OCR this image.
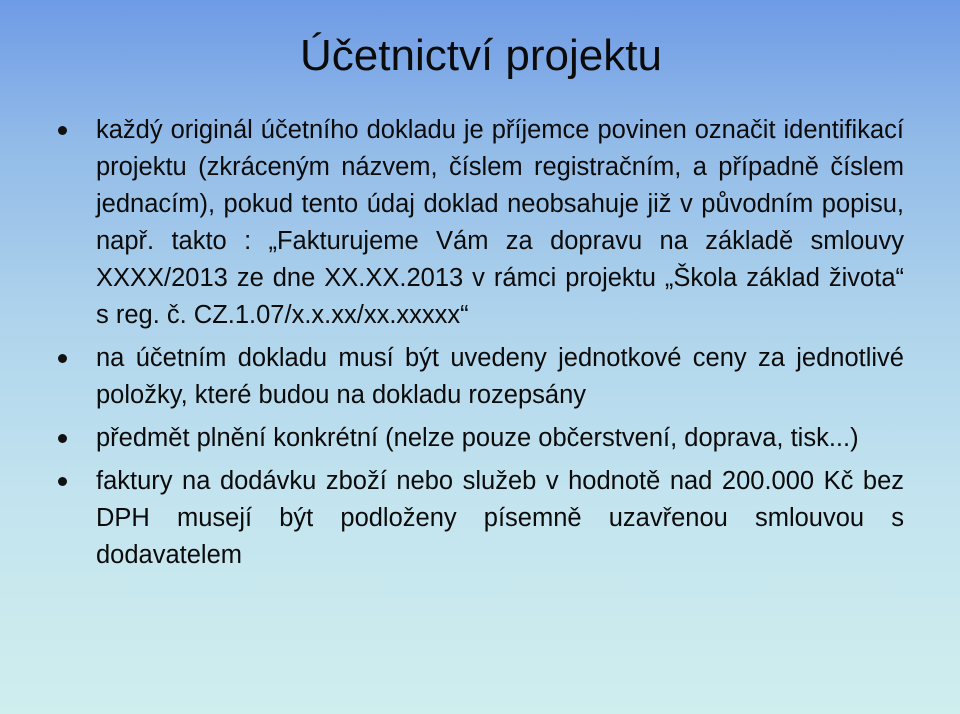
Účetnictví projektu
každý originál účetního dokladu je příjemce povinen označit identifikací projektu (zkráceným názvem, číslem registračním, a případně číslem jednacím), pokud tento údaj doklad neobsahuje již v původním popisu, např. takto : „Fakturujeme Vám za dopravu na základě smlouvy XXXX/2013 ze dne XX.XX.2013 v rámci projektu „Škola základ života“ s reg. č. CZ.1.07/x.x.xx/xx.xxxxx“
na účetním dokladu musí být uvedeny jednotkové ceny za jednotlivé položky, které budou na dokladu rozepsány
předmět plnění konkrétní (nelze pouze občerstvení, doprava, tisk...)
faktury na dodávku zboží nebo služeb v hodnotě nad 200.000 Kč bez DPH musejí být podloženy písemně uzavřenou smlouvou s dodavatelem
